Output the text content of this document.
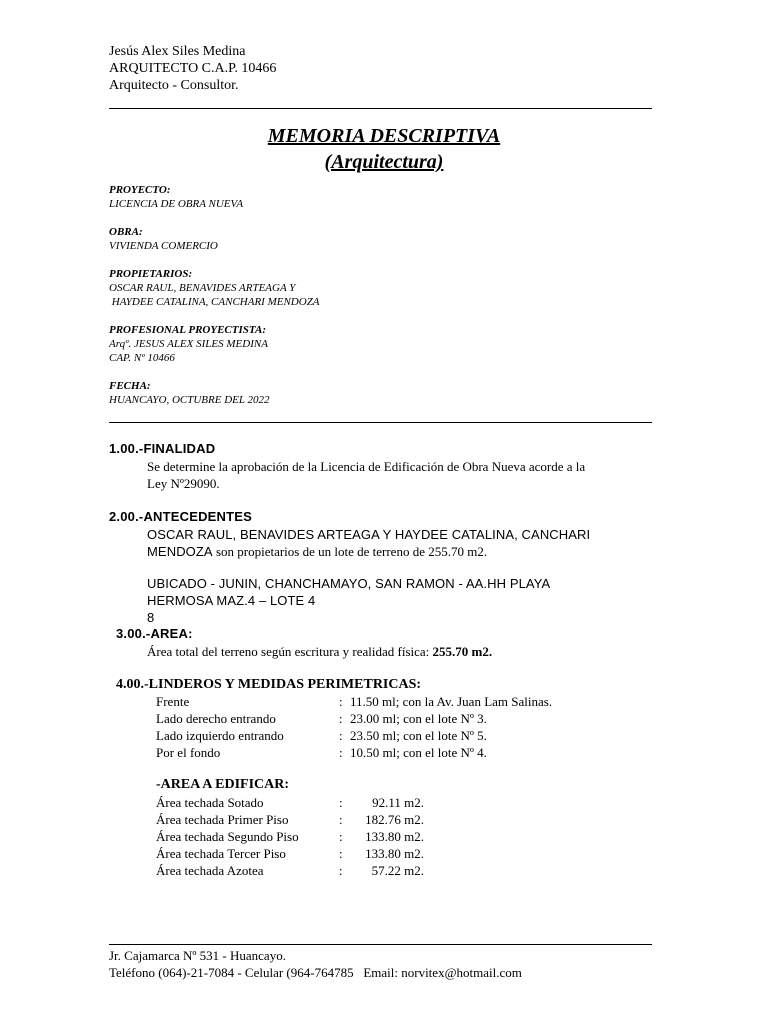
Jesús Alex Siles Medina
ARQUITECTO C.A.P. 10466
Arquitecto - Consultor.
MEMORIA DESCRIPTIVA
(Arquitectura)
PROYECTO:
LICENCIA DE OBRA NUEVA
OBRA:
VIVIENDA COMERCIO
PROPIETARIOS:
OSCAR RAUL, BENAVIDES ARTEAGA Y
HAYDEE CATALINA, CANCHARI MENDOZA
PROFESIONAL PROYECTISTA:
Arqº. JESUS ALEX SILES MEDINA
CAP. Nº 10466
FECHA:
HUANCAYO, OCTUBRE DEL 2022
1.00.-FINALIDAD
Se determine la aprobación de la Licencia de Edificación de Obra Nueva acorde a la
Ley Nº29090.
2.00.-ANTECEDENTES
OSCAR RAUL, BENAVIDES ARTEAGA Y HAYDEE CATALINA, CANCHARI
MENDOZA son propietarios de un lote de terreno de 255.70 m2.
UBICADO - JUNIN, CHANCHAMAYO, SAN RAMON - AA.HH PLAYA
HERMOSA MAZ.4 – LOTE 4
8
3.00.-AREA:
Área total del terreno según escritura y realidad física: 255.70 m2.
4.00.-LINDEROS Y MEDIDAS PERIMETRICAS:
Frente	: 11.50 ml; con la Av. Juan Lam Salinas.
Lado derecho entrando	: 23.00 ml; con el lote Nº 3.
Lado izquierdo entrando	: 23.50 ml; con el lote Nº 5.
Por el fondo	: 10.50 ml; con el lote Nº 4.
-AREA A EDIFICAR:
Área techada Sotado	:	92.11 m2.
Área techada Primer Piso	:	182.76 m2.
Área techada Segundo Piso	:	133.80 m2.
Área techada Tercer Piso	:	133.80 m2.
Área techada Azotea	:	57.22 m2.
Jr. Cajamarca Nº 531 - Huancayo.
Teléfono (064)-21-7084 - Celular (964-764785   Email: norvitex@hotmail.com
